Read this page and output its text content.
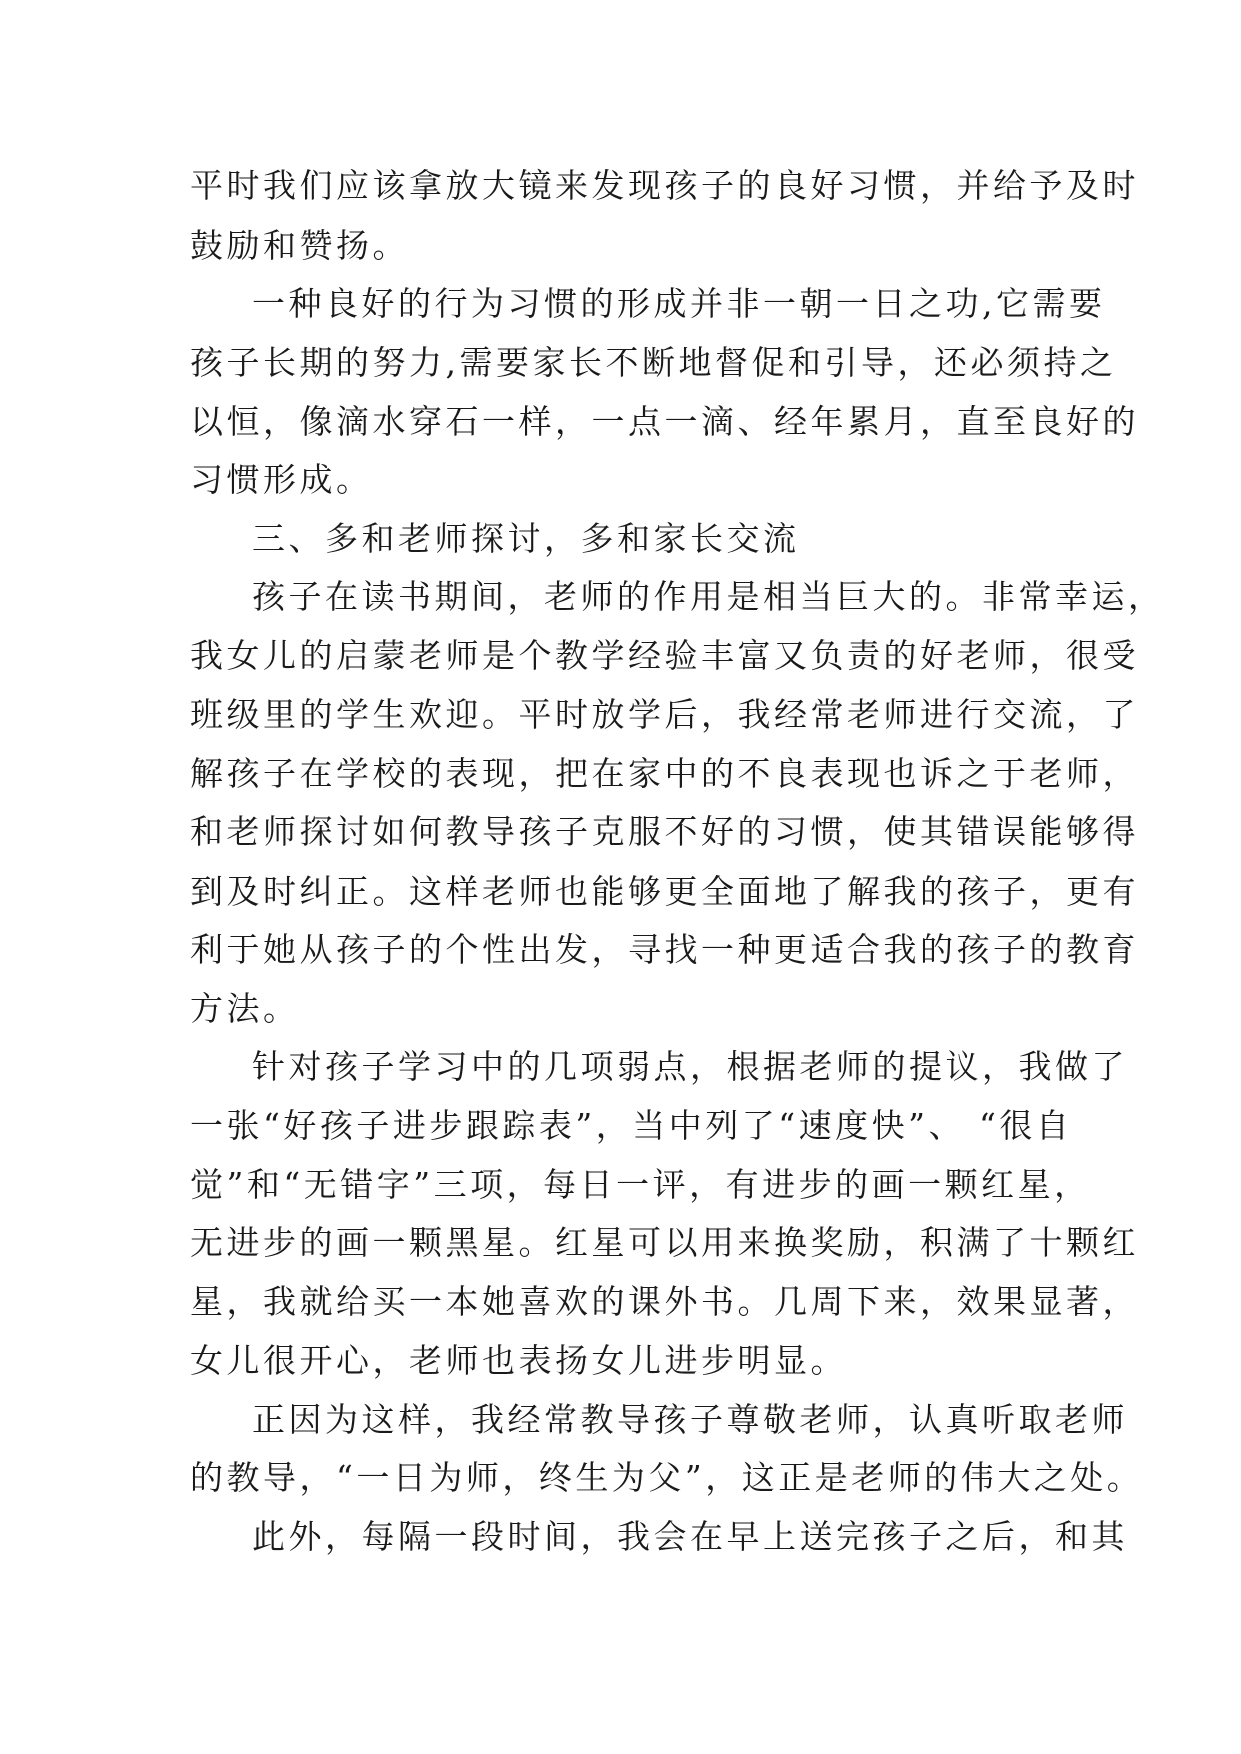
平时我们应该拿放大镜来发现孩子的良好习惯，并给予及时
鼓励和赞扬。
一种良好的行为习惯的形成并非一朝一日之功,它需要
孩子长期的努力,需要家长不断地督促和引导，还必须持之
以恒，像滴水穿石一样，一点一滴、经年累月，直至良好的
习惯形成。
三、多和老师探讨，多和家长交流
孩子在读书期间，老师的作用是相当巨大的。非常幸运，
我女儿的启蒙老师是个教学经验丰富又负责的好老师，很受
班级里的学生欢迎。平时放学后，我经常老师进行交流，了
解孩子在学校的表现，把在家中的不良表现也诉之于老师，
和老师探讨如何教导孩子克服不好的习惯，使其错误能够得
到及时纠正。这样老师也能够更全面地了解我的孩子，更有
利于她从孩子的个性出发，寻找一种更适合我的孩子的教育
方法。
针对孩子学习中的几项弱点，根据老师的提议，我做了
一张“好孩子进步跟踪表”，当中列了“速度快”、 “很自
觉”和“无错字”三项，每日一评，有进步的画一颗红星，
无进步的画一颗黑星。红星可以用来换奖励，积满了十颗红
星，我就给买一本她喜欢的课外书。几周下来，效果显著，
女儿很开心，老师也表扬女儿进步明显。
正因为这样，我经常教导孩子尊敬老师，认真听取老师
的教导，“一日为师，终生为父”，这正是老师的伟大之处。
此外，每隔一段时间，我会在早上送完孩子之后，和其
